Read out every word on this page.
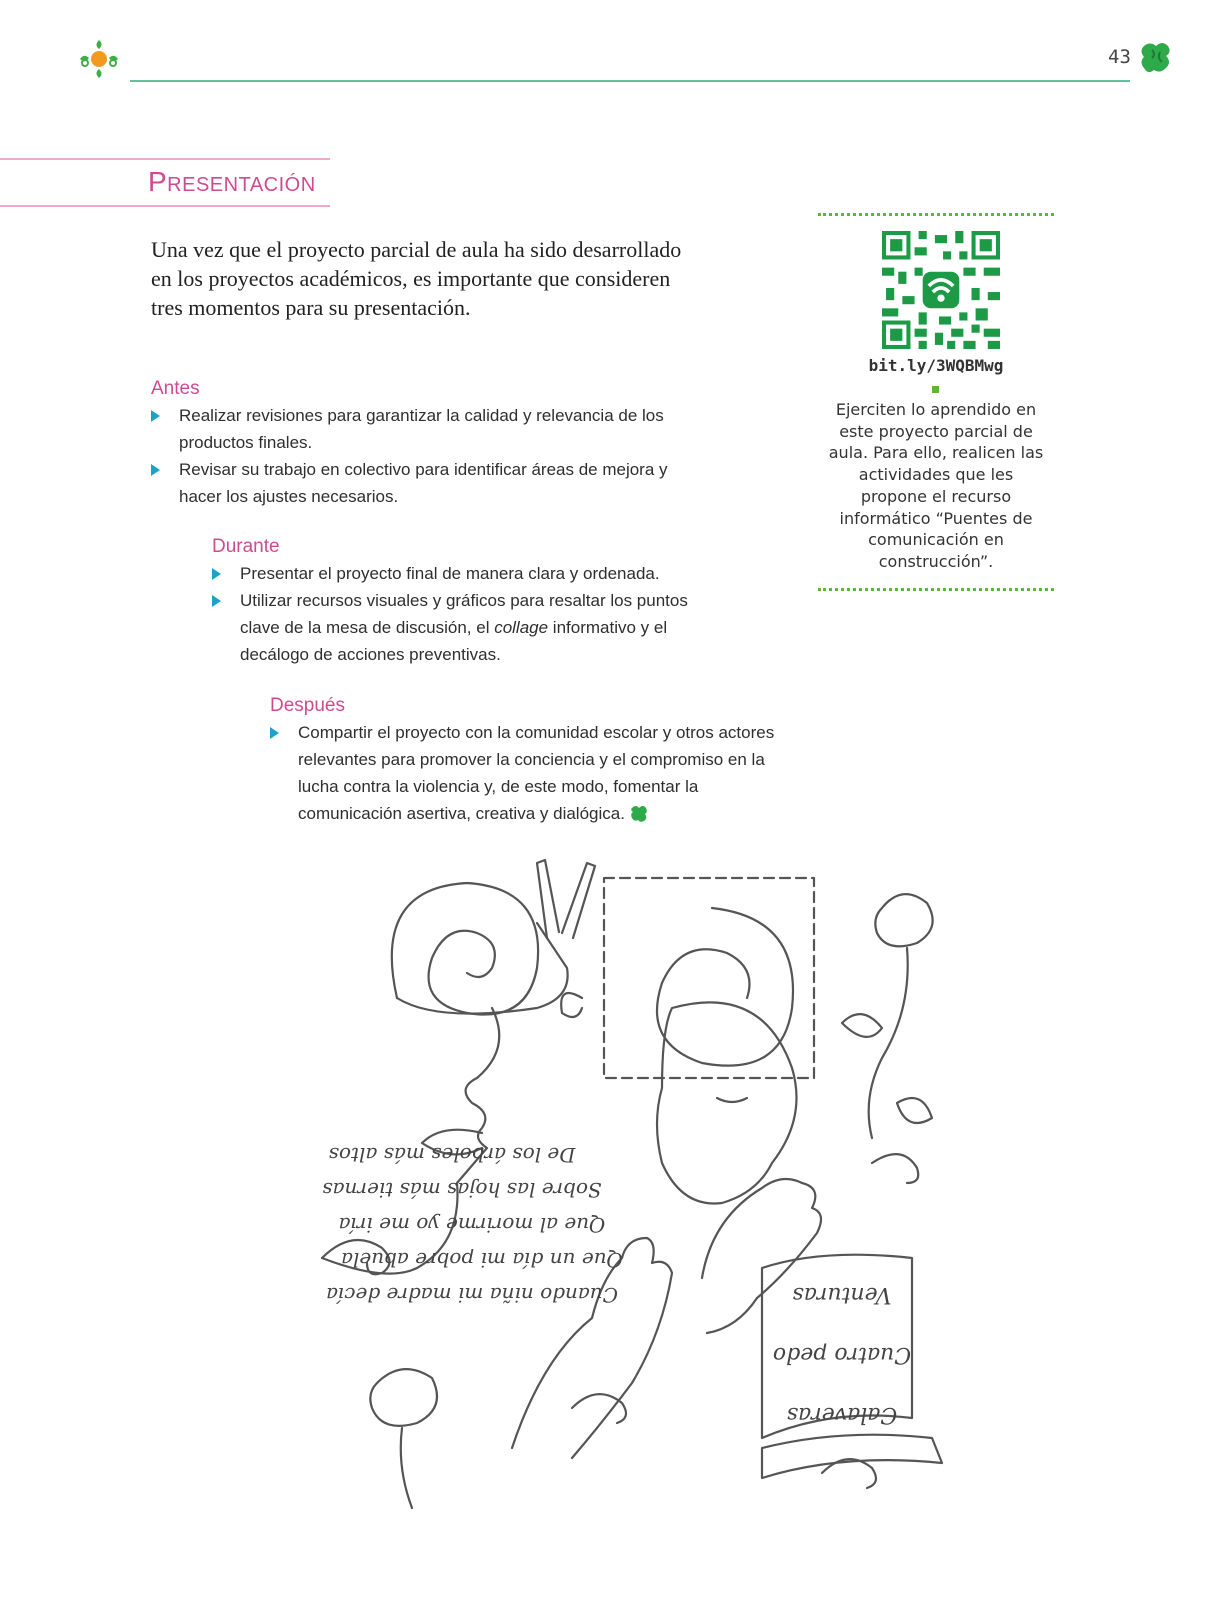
43
Presentación
Una vez que el proyecto parcial de aula ha sido desarrollado en los proyectos académicos, es importante que consideren tres momentos para su presentación.
Antes
Realizar revisiones para garantizar la calidad y relevancia de los productos finales.
Revisar su trabajo en colectivo para identificar áreas de mejora y hacer los ajustes necesarios.
Durante
Presentar el proyecto final de manera clara y ordenada.
Utilizar recursos visuales y gráficos para resaltar los puntos clave de la mesa de discusión, el collage informativo y el decálogo de acciones preventivas.
Después
Compartir el proyecto con la comunidad escolar y otros actores relevantes para promover la conciencia y el compromiso en la lucha contra la violencia y, de este modo, fomentar la comunicación asertiva, creativa y dialógica.
bit.ly/3WQBMwg
Ejerciten lo aprendido en este proyecto parcial de aula. Para ello, realicen las actividades que les propone el recurso informático “Puentes de comunicación en construcción”.
Cuando niña mi madre decía
Que un día mi pobre abuela
Que al morirme yo me iría
Sobre las hojas más tiernas
De los árboles más altos
Calaveras
Cuatro pedo
Venturas
